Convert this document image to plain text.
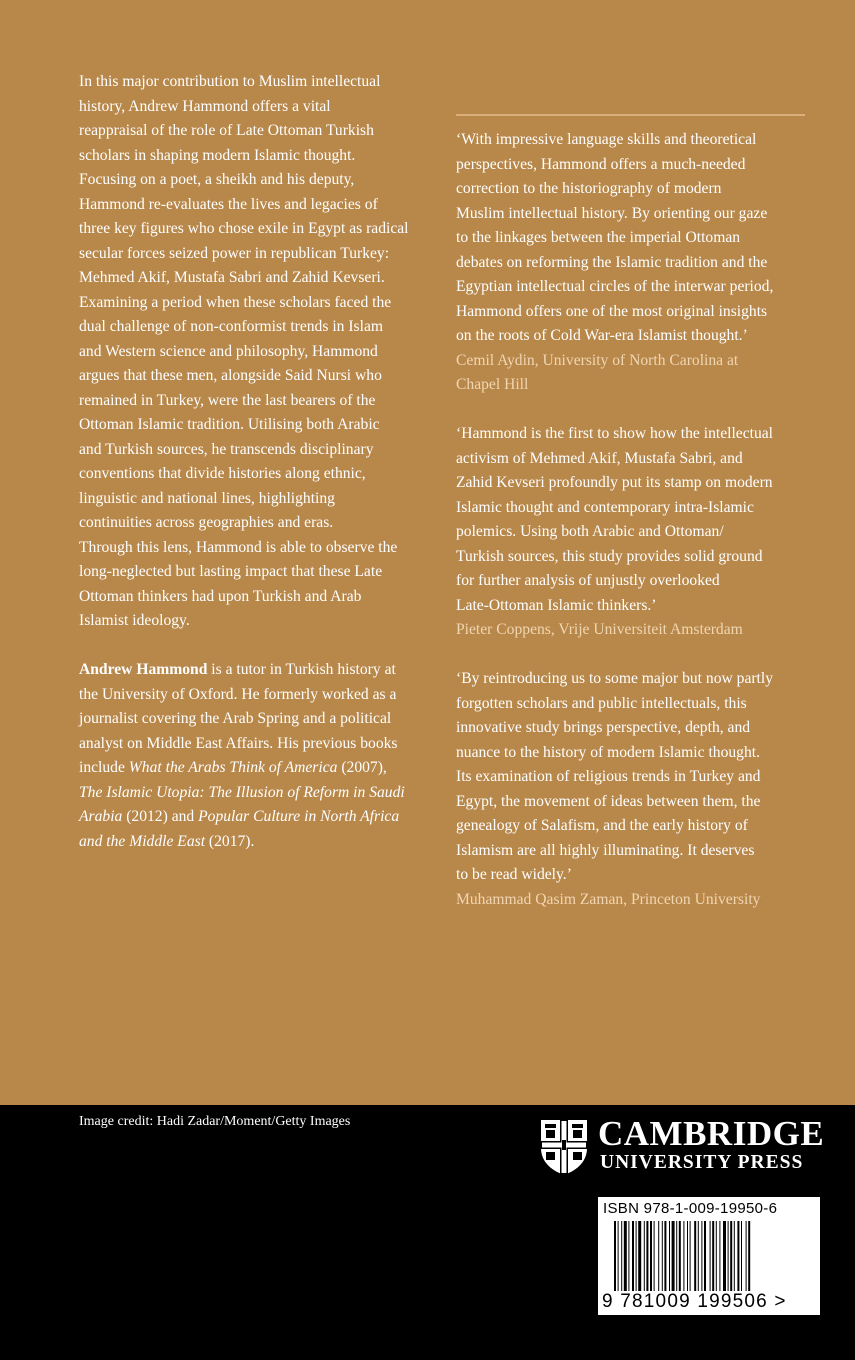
In this major contribution to Muslim intellectual
history, Andrew Hammond offers a vital
reappraisal of the role of Late Ottoman Turkish
scholars in shaping modern Islamic thought.
Focusing on a poet, a sheikh and his deputy,
Hammond re-evaluates the lives and legacies of
three key figures who chose exile in Egypt as radical
secular forces seized power in republican Turkey:
Mehmed Akif, Mustafa Sabri and Zahid Kevseri.
Examining a period when these scholars faced the
dual challenge of non-conformist trends in Islam
and Western science and philosophy, Hammond
argues that these men, alongside Said Nursi who
remained in Turkey, were the last bearers of the
Ottoman Islamic tradition. Utilising both Arabic
and Turkish sources, he transcends disciplinary
conventions that divide histories along ethnic,
linguistic and national lines, highlighting
continuities across geographies and eras.
Through this lens, Hammond is able to observe the
long-neglected but lasting impact that these Late
Ottoman thinkers had upon Turkish and Arab
Islamist ideology.

Andrew Hammond is a tutor in Turkish history at
the University of Oxford. He formerly worked as a
journalist covering the Arab Spring and a political
analyst on Middle East Affairs. His previous books
include What the Arabs Think of America (2007),
The Islamic Utopia: The Illusion of Reform in Saudi
Arabia (2012) and Popular Culture in North Africa
and the Middle East (2017).

‘With impressive language skills and theoretical
perspectives, Hammond offers a much-needed
correction to the historiography of modern
Muslim intellectual history. By orienting our gaze
to the linkages between the imperial Ottoman
debates on reforming the Islamic tradition and the
Egyptian intellectual circles of the interwar period,
Hammond offers one of the most original insights
on the roots of Cold War-era Islamist thought.’

Cemil Aydin, University of North Carolina at
Chapel Hill

‘Hammond is the first to show how the intellectual
activism of Mehmed Akif, Mustafa Sabri, and
Zahid Kevseri profoundly put its stamp on modern
Islamic thought and contemporary intra-Islamic
polemics. Using both Arabic and Ottoman/
Turkish sources, this study provides solid ground
for further analysis of unjustly overlooked
Late-Ottoman Islamic thinkers.’

Pieter Coppens, Vrije Universiteit Amsterdam

‘By reintroducing us to some major but now partly
forgotten scholars and public intellectuals, this
innovative study brings perspective, depth, and
nuance to the history of modern Islamic thought.
Its examination of religious trends in Turkey and
Egypt, the movement of ideas between them, the
genealogy of Salafism, and the early history of
Islamism are all highly illuminating. It deserves
to be read widely.’

Muhammad Qasim Zaman, Princeton University

Image credit: Hadi Zadar/Moment/Getty Images	CAMBRIDGE
UNIVERSITY PRESS
ISBN 978-1-009-19950-6
9 781009 199506 >
